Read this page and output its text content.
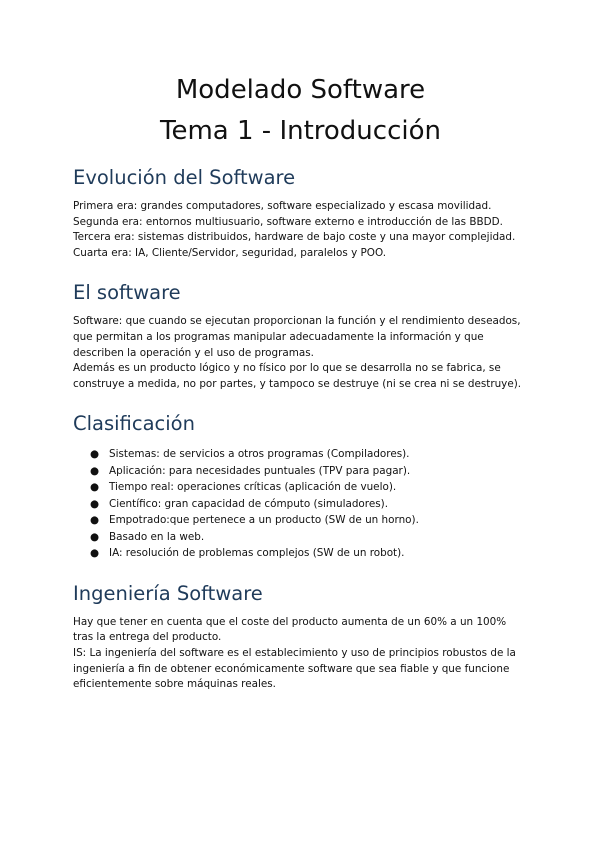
Modelado Software
Tema 1 - Introducción
Evolución del Software

Primera era: grandes computadores, software especializado y escasa movilidad.

Segunda era: entornos multiusuario, software externo e introducción de las BBDD.

Tercera era: sistemas distribuidos, hardware de bajo coste y una mayor complejidad.

Cuarta era: IA, Cliente/Servidor, seguridad, paralelos y POO.

El software

Software: que cuando se ejecutan proporcionan la función y el rendimiento deseados, que permitan a los programas manipular adecuadamente la información y que describen la operación y el uso de programas.

Además es un producto lógico y no físico por lo que se desarrolla no se fabrica, se construye a medida, no por partes, y tampoco se destruye (ni se crea ni se destruye).

Clasificación
● Sistemas: de servicios a otros programas (Compiladores).
● Aplicación: para necesidades puntuales (TPV para pagar).
● Tiempo real: operaciones críticas (aplicación de vuelo).
● Científico: gran capacidad de cómputo (simuladores).
● Empotrado:que pertenece a un producto (SW de un horno).
● Basado en la web.
● IA: resolución de problemas complejos (SW de un robot).
Ingeniería Software

Hay que tener en cuenta que el coste del producto aumenta de un 60% a un 100% tras la entrega del producto.

IS: La ingeniería del software es el establecimiento y uso de principios robustos de la ingeniería a fin de obtener económicamente software que sea fiable y que funcione eficientemente sobre máquinas reales.
